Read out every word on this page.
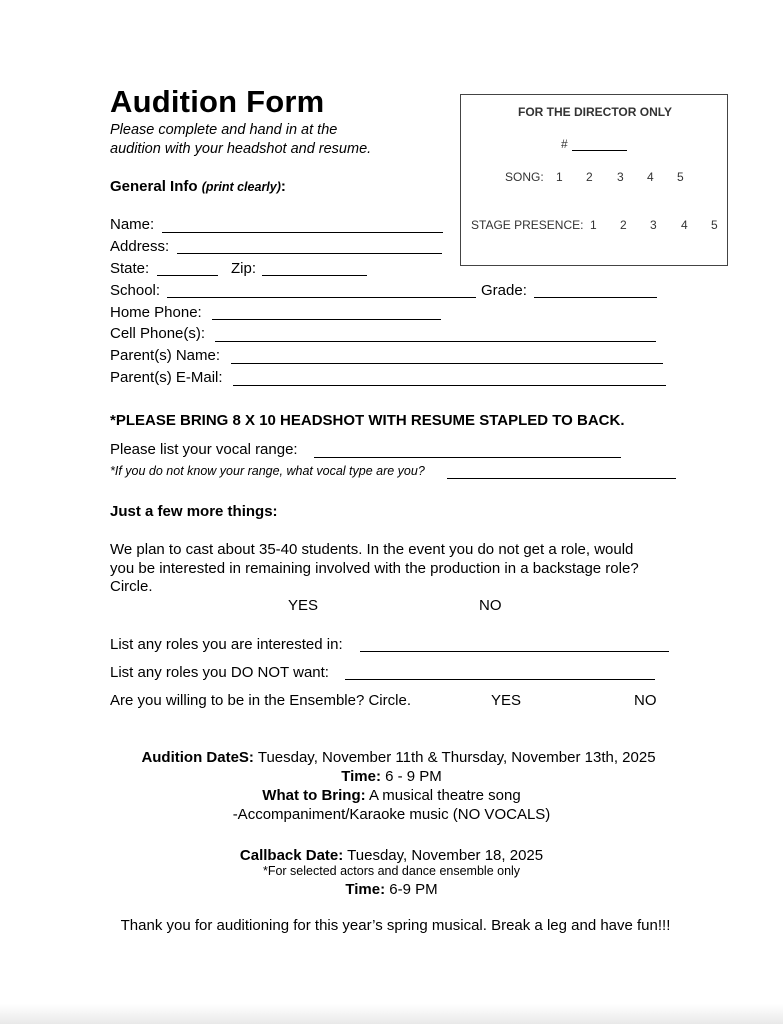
Audition Form
Please complete and hand in at the
audition with your headshot and resume.
FOR THE DIRECTOR ONLY
#
SONG: 1 2 3 4 5
STAGE PRESENCE: 1 2 3 4 5
General Info (print clearly):
Name:
Address:
State:	Zip:
School:	Grade:
Home Phone:
Cell Phone(s):
Parent(s) Name:
Parent(s) E-Mail:
*PLEASE BRING 8 X 10 HEADSHOT WITH RESUME STAPLED TO BACK.
Please list your vocal range:
*If you do not know your range, what vocal type are you?
Just a few more things:
We plan to cast about 35-40 students. In the event you do not get a role, would
you be interested in remaining involved with the production in a backstage role?
Circle.
YES	NO
List any roles you are interested in:
List any roles you DO NOT want:
Are you willing to be in the Ensemble? Circle.	YES	NO
Audition DateS: Tuesday, November 11th & Thursday, November 13th, 2025
Time: 6 - 9 PM
What to Bring: A musical theatre song
-Accompaniment/Karaoke music (NO VOCALS)
Callback Date: Tuesday, November 18, 2025
*For selected actors and dance ensemble only
Time: 6-9 PM
Thank you for auditioning for this year’s spring musical. Break a leg and have fun!!!
